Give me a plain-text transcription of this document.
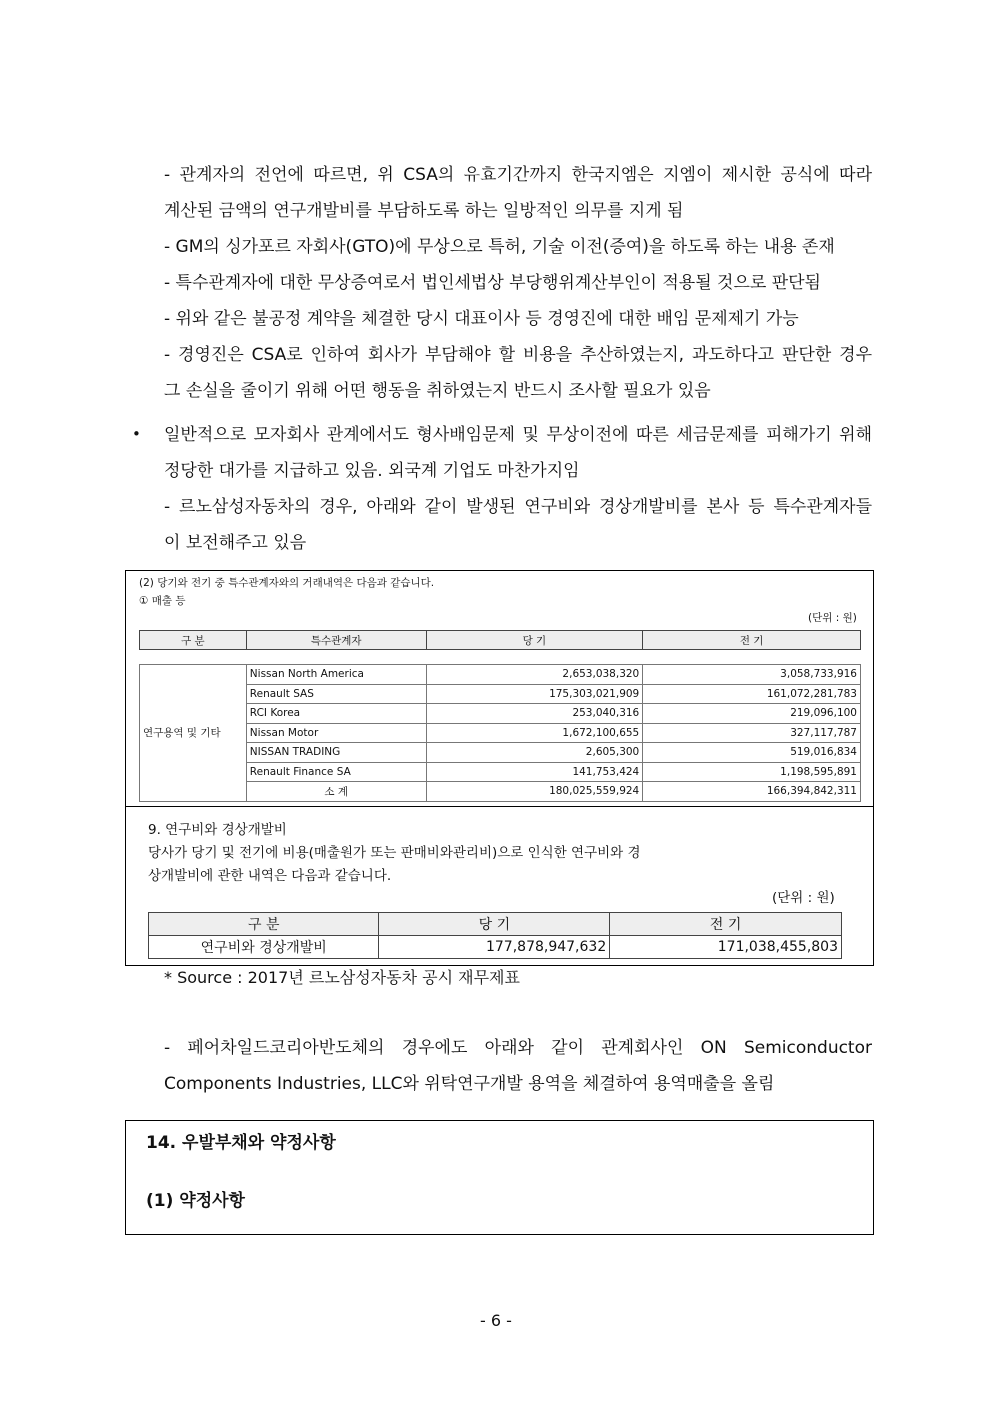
- 관계자의 전언에 따르면, 위 CSA의 유효기간까지 한국지엠은 지엠이 제시한 공식에 따라
계산된 금액의 연구개발비를 부담하도록 하는 일방적인 의무를 지게 됨
- GM의 싱가포르 자회사(GTO)에 무상으로 특허, 기술 이전(증여)을 하도록 하는 내용 존재
- 특수관계자에 대한 무상증여로서 법인세법상 부당행위계산부인이 적용될 것으로 판단됨
- 위와 같은 불공정 계약을 체결한 당시 대표이사 등 경영진에 대한 배임 문제제기 가능
- 경영진은 CSA로 인하여 회사가 부담해야 할 비용을 추산하였는지, 과도하다고 판단한 경우
그 손실을 줄이기 위해 어떤 행동을 취하였는지 반드시 조사할 필요가 있음
• 일반적으로 모자회사 관계에서도 형사배임문제 및 무상이전에 따른 세금문제를 피해가기 위해
정당한 대가를 지급하고 있음. 외국계 기업도 마찬가지임
- 르노삼성자동차의 경우, 아래와 같이 발생된 연구비와 경상개발비를 본사 등 특수관계자들
이 보전해주고 있음
(2) 당기와 전기 중 특수관계자와의 거래내역은 다음과 같습니다.
① 매출 등
(단위 : 원)
구 분	특수관계자	당 기	전 기

연구용역 및 기타	Nissan North America	2,653,038,320	3,058,733,916
	Renault SAS	175,303,021,909	161,072,281,783
	RCI Korea	253,040,316	219,096,100
	Nissan Motor	1,672,100,655	327,117,787
	NISSAN TRADING	2,605,300	519,016,834
	Renault Finance SA	141,753,424	1,198,595,891
	소 계	180,025,559,924	166,394,842,311
9. 연구비와 경상개발비
당사가 당기 및 전기에 비용(매출원가 또는 판매비와관리비)으로 인식한 연구비와 경
상개발비에 관한 내역은 다음과 같습니다.
(단위 : 원)
구 분	당 기	전 기
연구비와 경상개발비	177,878,947,632	171,038,455,803
* Source : 2017년 르노삼성자동차 공시 재무제표
- 페어차일드코리아반도체의 경우에도 아래와 같이 관계회사인 ON Semiconductor
Components Industries, LLC와 위탁연구개발 용역을 체결하여 용역매출을 올림
14. 우발부채와 약정사항
(1) 약정사항
- 6 -
